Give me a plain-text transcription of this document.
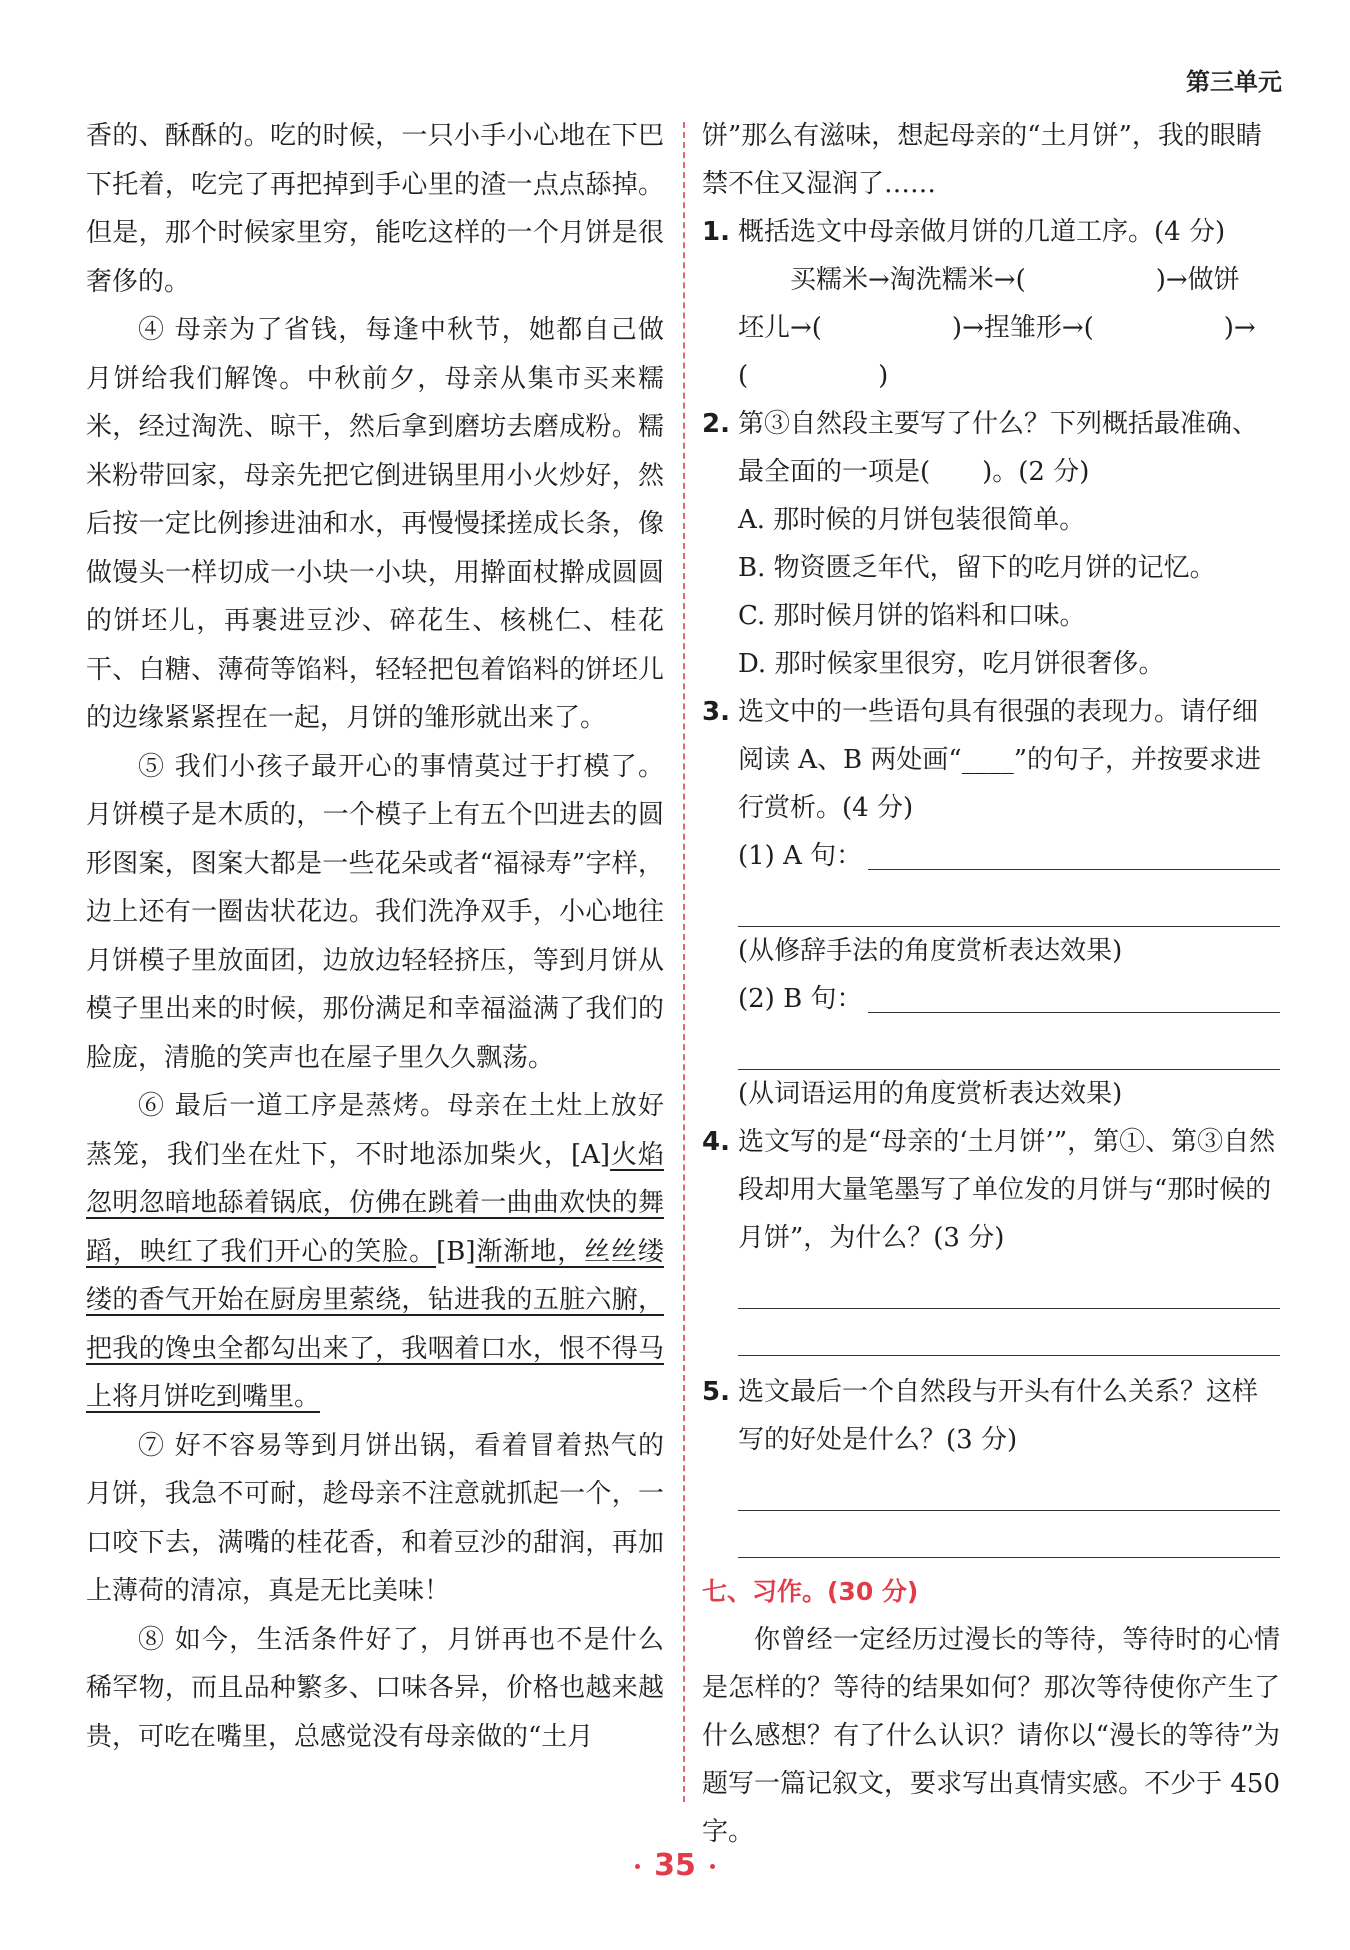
第三单元

香的、酥酥的。吃的时候，一只小手小心地在下巴下托着，吃完了再把掉到手心里的渣一点点舔掉。但是，那个时候家里穷，能吃这样的一个月饼是很奢侈的。

④ 母亲为了省钱，每逢中秋节，她都自己做月饼给我们解馋。中秋前夕，母亲从集市买来糯米，经过淘洗、晾干，然后拿到磨坊去磨成粉。糯米粉带回家，母亲先把它倒进锅里用小火炒好，然后按一定比例掺进油和水，再慢慢揉搓成长条，像做馒头一样切成一小块一小块，用擀面杖擀成圆圆的饼坯儿，再裹进豆沙、碎花生、核桃仁、桂花干、白糖、薄荷等馅料，轻轻把包着馅料的饼坯儿的边缘紧紧捏在一起，月饼的雏形就出来了。

⑤ 我们小孩子最开心的事情莫过于打模了。月饼模子是木质的，一个模子上有五个凹进去的圆形图案，图案大都是一些花朵或者“福禄寿”字样，边上还有一圈齿状花边。我们洗净双手，小心地往月饼模子里放面团，边放边轻轻挤压，等到月饼从模子里出来的时候，那份满足和幸福溢满了我们的脸庞，清脆的笑声也在屋子里久久飘荡。

⑥ 最后一道工序是蒸烤。母亲在土灶上放好蒸笼，我们坐在灶下，不时地添加柴火，[A]火焰忽明忽暗地舔着锅底，仿佛在跳着一曲曲欢快的舞蹈，映红了我们开心的笑脸。[B]渐渐地，丝丝缕缕的香气开始在厨房里萦绕，钻进我的五脏六腑，把我的馋虫全都勾出来了，我咽着口水，恨不得马上将月饼吃到嘴里。

⑦ 好不容易等到月饼出锅，看着冒着热气的月饼，我急不可耐，趁母亲不注意就抓起一个，一口咬下去，满嘴的桂花香，和着豆沙的甜润，再加上薄荷的清凉，真是无比美味！

⑧ 如今，生活条件好了，月饼再也不是什么稀罕物，而且品种繁多、口味各异，价格也越来越贵，可吃在嘴里，总感觉没有母亲做的“土月

饼”那么有滋味，想起母亲的“土月饼”，我的眼睛禁不住又湿润了……

1. 概括选文中母亲做月饼的几道工序。(4 分)
买糯米→淘洗糯米→(　　　　　)→做饼
坯儿→(　　　　　)→捏雏形→(　　　　　)→
(　　　　　)
2. 第③自然段主要写了什么？下列概括最准确、最全面的一项是(　　)。(2 分)
A. 那时候的月饼包装很简单。
B. 物资匮乏年代，留下的吃月饼的记忆。
C. 那时候月饼的馅料和口味。
D. 那时候家里很穷，吃月饼很奢侈。
3. 选文中的一些语句具有很强的表现力。请仔细阅读 A、B 两处画“____”的句子，并按要求进行赏析。(4 分)
(1) A 句：
(从修辞手法的角度赏析表达效果)
(2) B 句：
(从词语运用的角度赏析表达效果)
4. 选文写的是“母亲的‘土月饼’”，第①、第③自然段却用大量笔墨写了单位发的月饼与“那时候的月饼”，为什么？(3 分)
5. 选文最后一个自然段与开头有什么关系？这样写的好处是什么？(3 分)
七、习作。(30 分)

你曾经一定经历过漫长的等待，等待时的心情是怎样的？等待的结果如何？那次等待使你产生了什么感想？有了什么认识？请你以“漫长的等待”为题写一篇记叙文，要求写出真情实感。不少于 450 字。

35
